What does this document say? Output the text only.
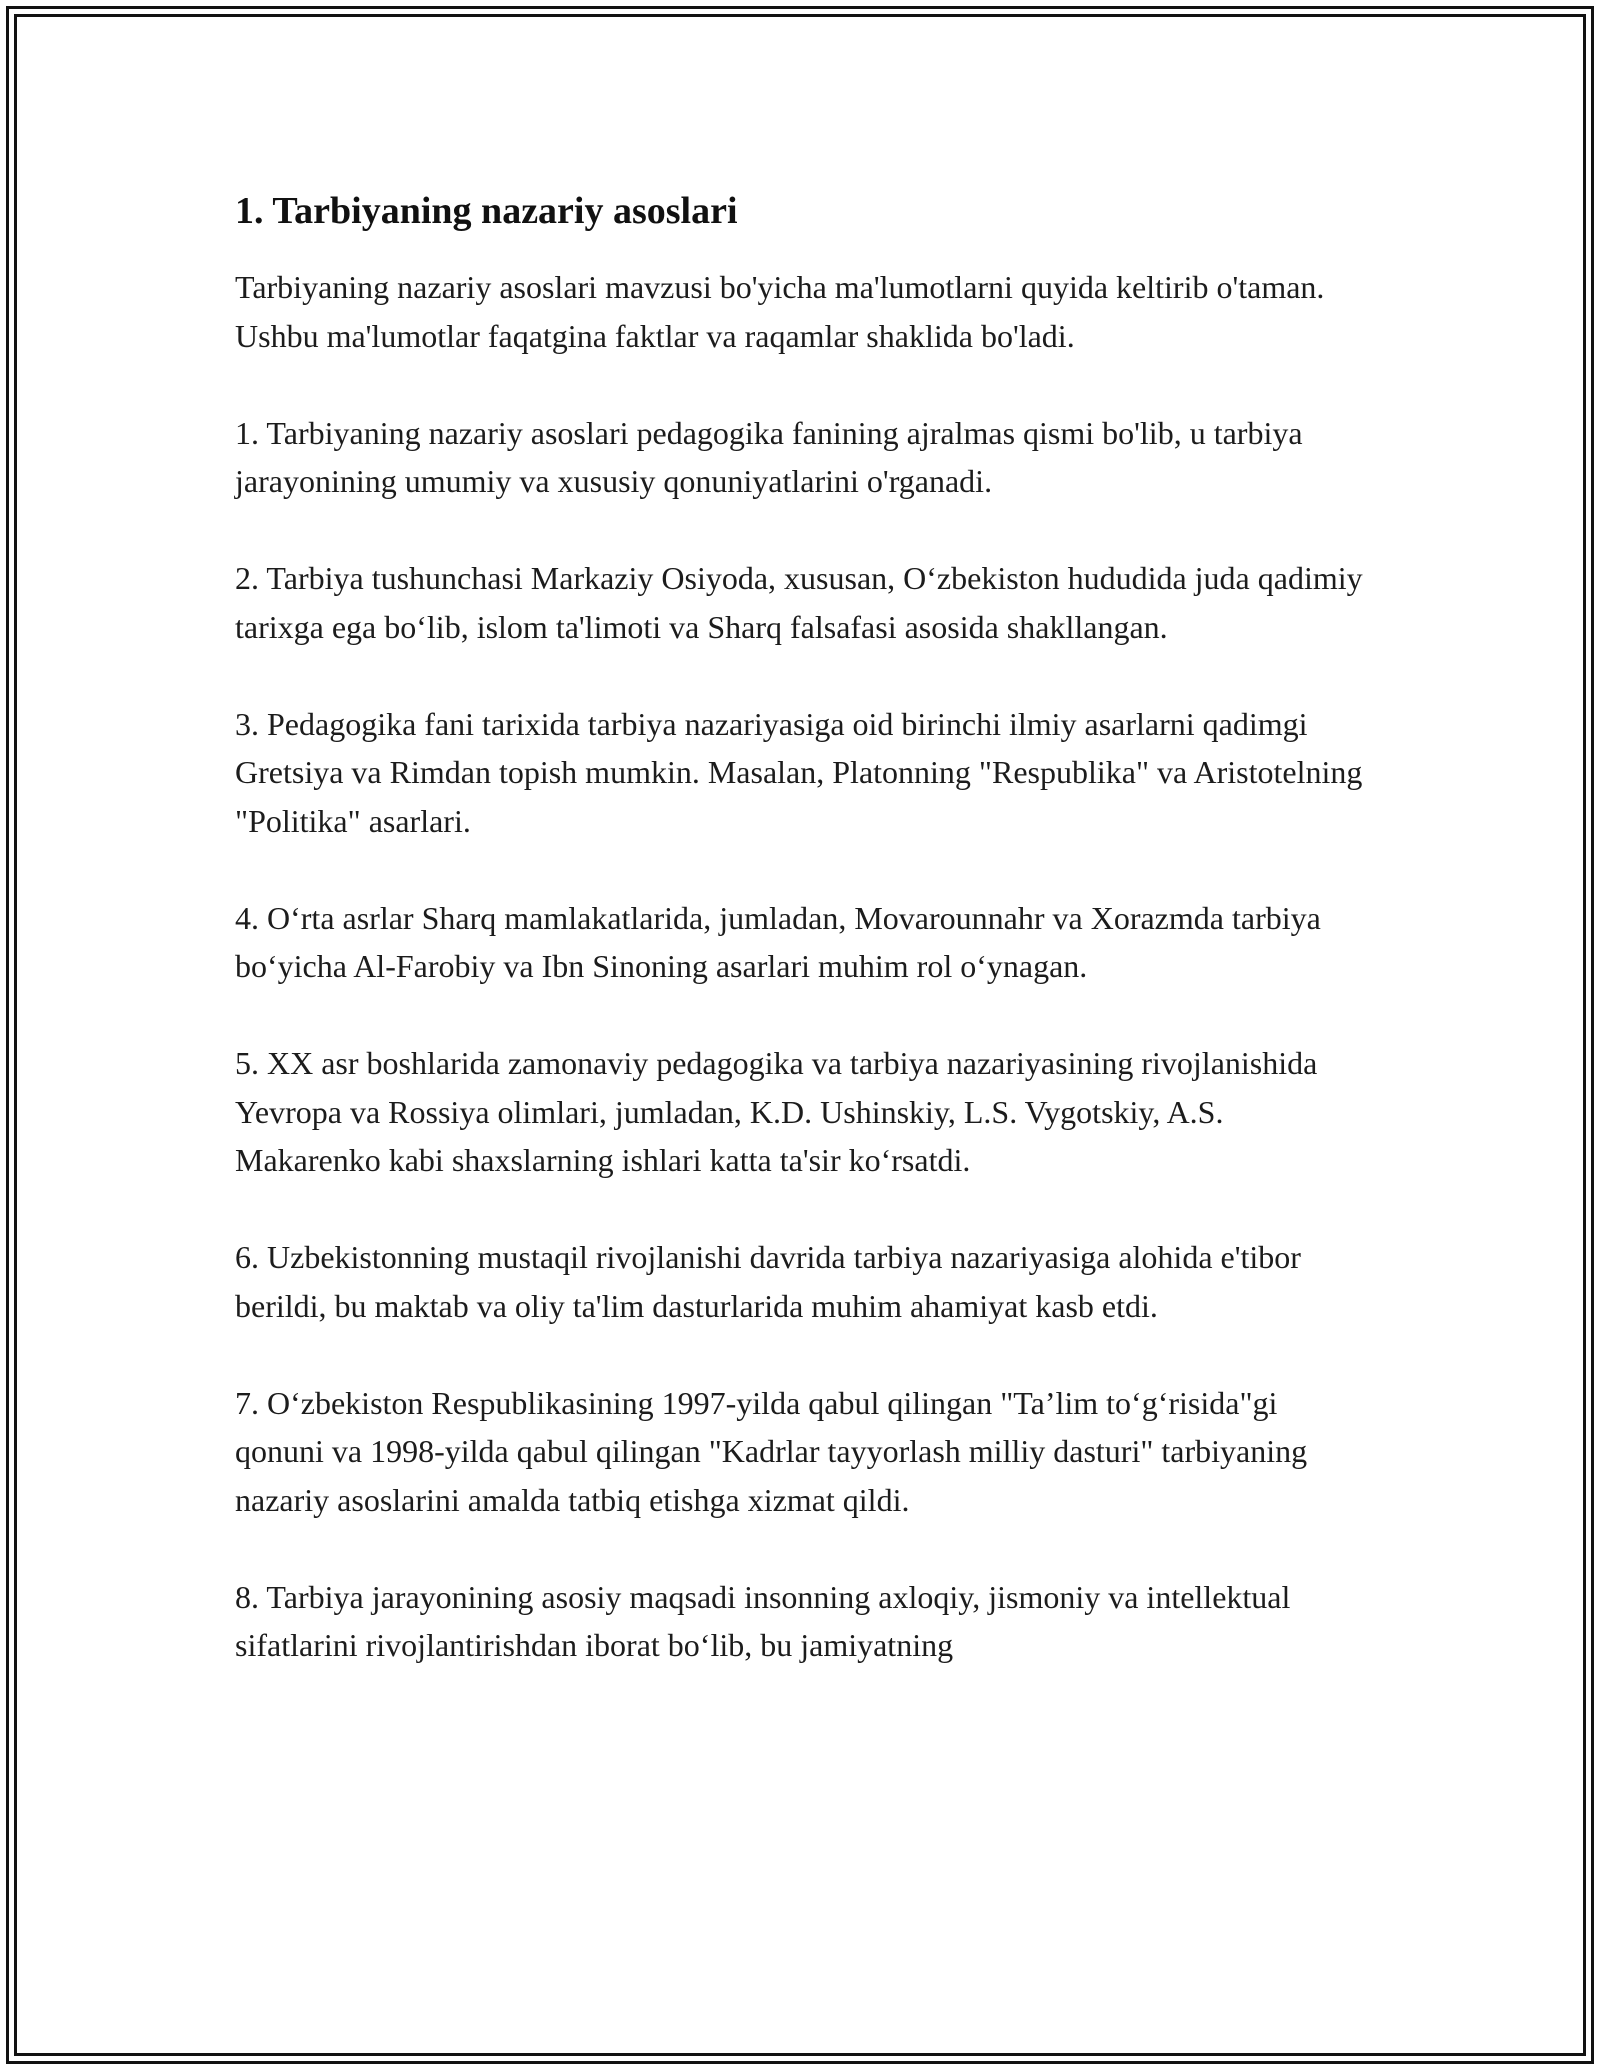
1. Tarbiyaning nazariy asoslari

Tarbiyaning nazariy asoslari mavzusi bo'yicha ma'lumotlarni quyida keltirib o'taman. Ushbu ma'lumotlar faqatgina faktlar va raqamlar shaklida bo'ladi.

1. Tarbiyaning nazariy asoslari pedagogika fanining ajralmas qismi bo'lib, u tarbiya jarayonining umumiy va xususiy qonuniyatlarini o'rganadi.

2. Tarbiya tushunchasi Markaziy Osiyoda, xususan, O‘zbekiston hududida juda qadimiy tarixga ega bo‘lib, islom ta'limoti va Sharq falsafasi asosida shakllangan.

3. Pedagogika fani tarixida tarbiya nazariyasiga oid birinchi ilmiy asarlarni qadimgi Gretsiya va Rimdan topish mumkin. Masalan, Platonning "Respublika" va Aristotelning "Politika" asarlari.

4. O‘rta asrlar Sharq mamlakatlarida, jumladan, Movarounnahr va Xorazmda tarbiya bo‘yicha Al-Farobiy va Ibn Sinoning asarlari muhim rol o‘ynagan.

5. XX asr boshlarida zamonaviy pedagogika va tarbiya nazariyasining rivojlanishida Yevropa va Rossiya olimlari, jumladan, K.D. Ushinskiy, L.S. Vygotskiy, A.S. Makarenko kabi shaxslarning ishlari katta ta'sir ko‘rsatdi.

6. Uzbekistonning mustaqil rivojlanishi davrida tarbiya nazariyasiga alohida e'tibor berildi, bu maktab va oliy ta'lim dasturlarida muhim ahamiyat kasb etdi.

7. O‘zbekiston Respublikasining 1997-yilda qabul qilingan "Ta’lim to‘g‘risida"gi qonuni va 1998-yilda qabul qilingan "Kadrlar tayyorlash milliy dasturi" tarbiyaning nazariy asoslarini amalda tatbiq etishga xizmat qildi.

8. Tarbiya jarayonining asosiy maqsadi insonning axloqiy, jismoniy va intellektual sifatlarini rivojlantirishdan iborat bo‘lib, bu jamiyatning
